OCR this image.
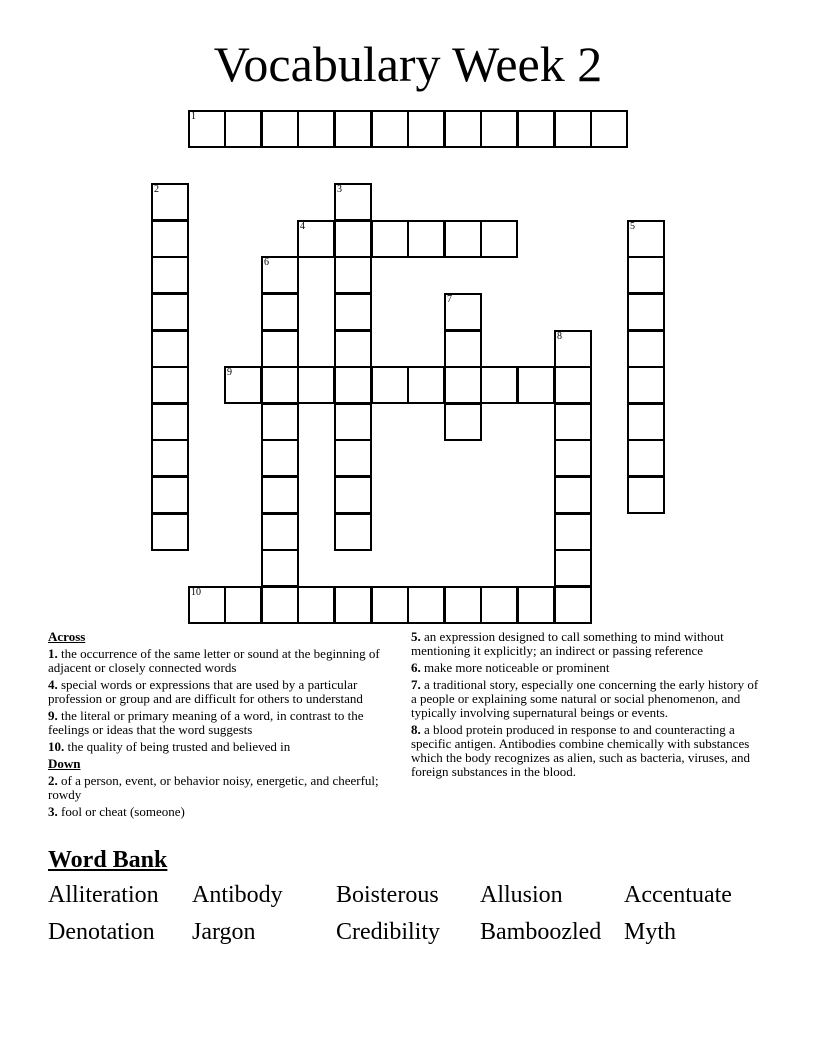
Vocabulary Week 2
1
4
9
10
2	3
5
6
7
8
Across
1. the occurrence of the same letter or sound at the beginning of adjacent or closely connected words
4. special words or expressions that are used by a particular profession or group and are difficult for others to understand
9. the literal or primary meaning of a word, in contrast to the feelings or ideas that the word suggests
10. the quality of being trusted and believed in
Down
2. of a person, event, or behavior noisy, energetic, and cheerful; rowdy
3. fool or cheat (someone)
5. an expression designed to call something to mind without mentioning it explicitly; an indirect or passing reference
6. make more noticeable or prominent
7. a traditional story, especially one concerning the early history of a people or explaining some natural or social phenomenon, and typically involving supernatural beings or events.
8. a blood protein produced in response to and counteracting a specific antigen. Antibodies combine chemically with substances which the body recognizes as alien, such as bacteria, viruses, and foreign substances in the blood.
Word Bank
Alliteration	Antibody	Boisterous	Allusion	Accentuate
Denotation	Jargon	Credibility	Bamboozled Myth
